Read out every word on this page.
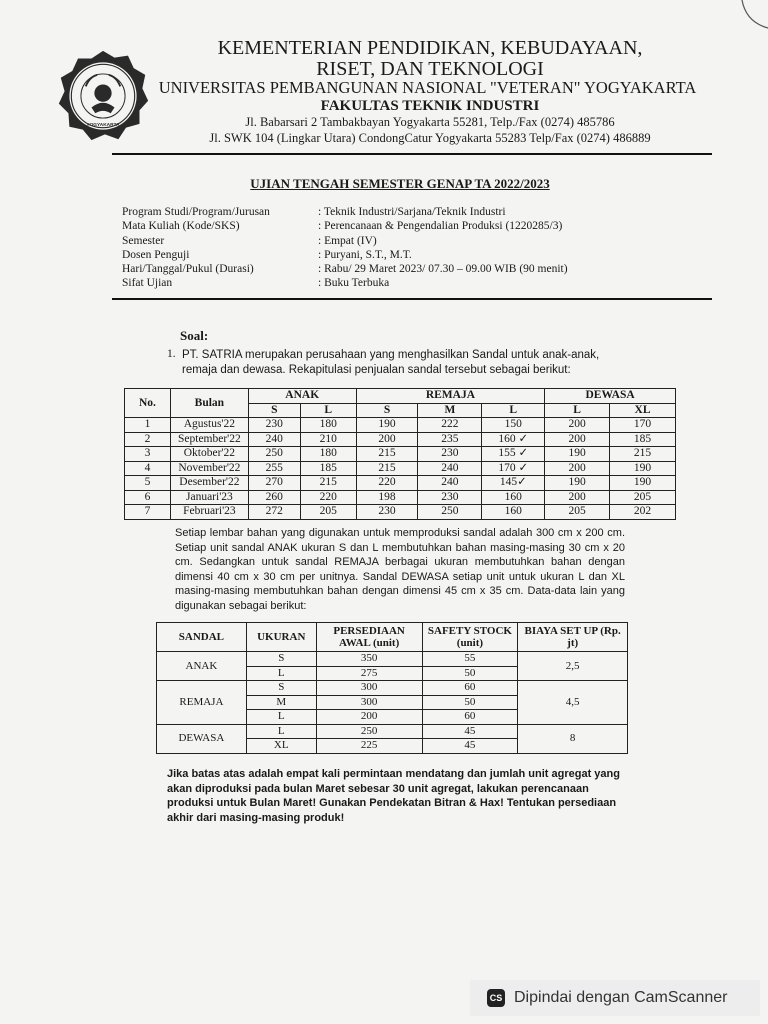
YOGYAKARTA
KEMENTERIAN PENDIDIKAN, KEBUDAYAAN,
RISET, DAN TEKNOLOGI
UNIVERSITAS PEMBANGUNAN NASIONAL "VETERAN" YOGYAKARTA
FAKULTAS TEKNIK INDUSTRI
Jl. Babarsari 2 Tambakbayan Yogyakarta 55281, Telp./Fax (0274) 485786
Jl. SWK 104 (Lingkar Utara) CondongCatur Yogyakarta 55283 Telp/Fax (0274) 486889
UJIAN TENGAH SEMESTER GENAP TA 2022/2023
Program Studi/Program/Jurusan	: Teknik Industri/Sarjana/Teknik Industri
Mata Kuliah (Kode/SKS)	: Perencanaan & Pengendalian Produksi (1220285/3)
Semester	: Empat (IV)
Dosen Penguji	: Puryani, S.T., M.T.
Hari/Tanggal/Pukul (Durasi)	: Rabu/ 29 Maret 2023/ 07.30 – 09.00 WIB (90 menit)
Sifat Ujian	: Buku Terbuka
Soal:
1. PT. SATRIA merupakan perusahaan yang menghasilkan Sandal untuk anak-anak, remaja dan dewasa. Rekapitulasi penjualan sandal tersebut sebagai berikut:
No.	Bulan	ANAK		REMAJA			DEWASA	
		S	L	S	M	L	L	XL
1	Agustus'22	230	180	190	222	150	200	170
2	September'22	240	210	200	235	160 ✓	200	185
3	Oktober'22	250	180	215	230	155 ✓	190	215
4	November'22	255	185	215	240	170 ✓	200	190
5	Desember'22	270	215	220	240	145✓	190	190
6	Januari'23	260	220	198	230	160	200	205
7	Februari'23	272	205	230	250	160	205	202
Setiap lembar bahan yang digunakan untuk memproduksi sandal adalah 300 cm x 200 cm. Setiap unit sandal ANAK ukuran S dan L membutuhkan bahan masing-masing 30 cm x 20 cm. Sedangkan untuk sandal REMAJA berbagai ukuran membutuhkan bahan dengan dimensi 40 cm x 30 cm per unitnya. Sandal DEWASA setiap unit untuk ukuran L dan XL masing-masing membutuhkan bahan dengan dimensi 45 cm x 35 cm. Data-data lain yang digunakan sebagai berikut:
SANDAL	UKURAN	PERSEDIAAN AWAL (unit)	SAFETY STOCK (unit)	BIAYA SET UP (Rp. jt)
ANAK	S	350	55	2,5
	L	275	50	
REMAJA	S	300	60	4,5
	M	300	50	
	L	200	60	
DEWASA	L	250	45	8
	XL	225	45	
Jika batas atas adalah empat kali permintaan mendatang dan jumlah unit agregat yang akan diproduksi pada bulan Maret sebesar 30 unit agregat, lakukan perencanaan produksi untuk Bulan Maret! Gunakan Pendekatan Bitran & Hax! Tentukan persediaan akhir dari masing-masing produk!
CS Dipindai dengan CamScanner
